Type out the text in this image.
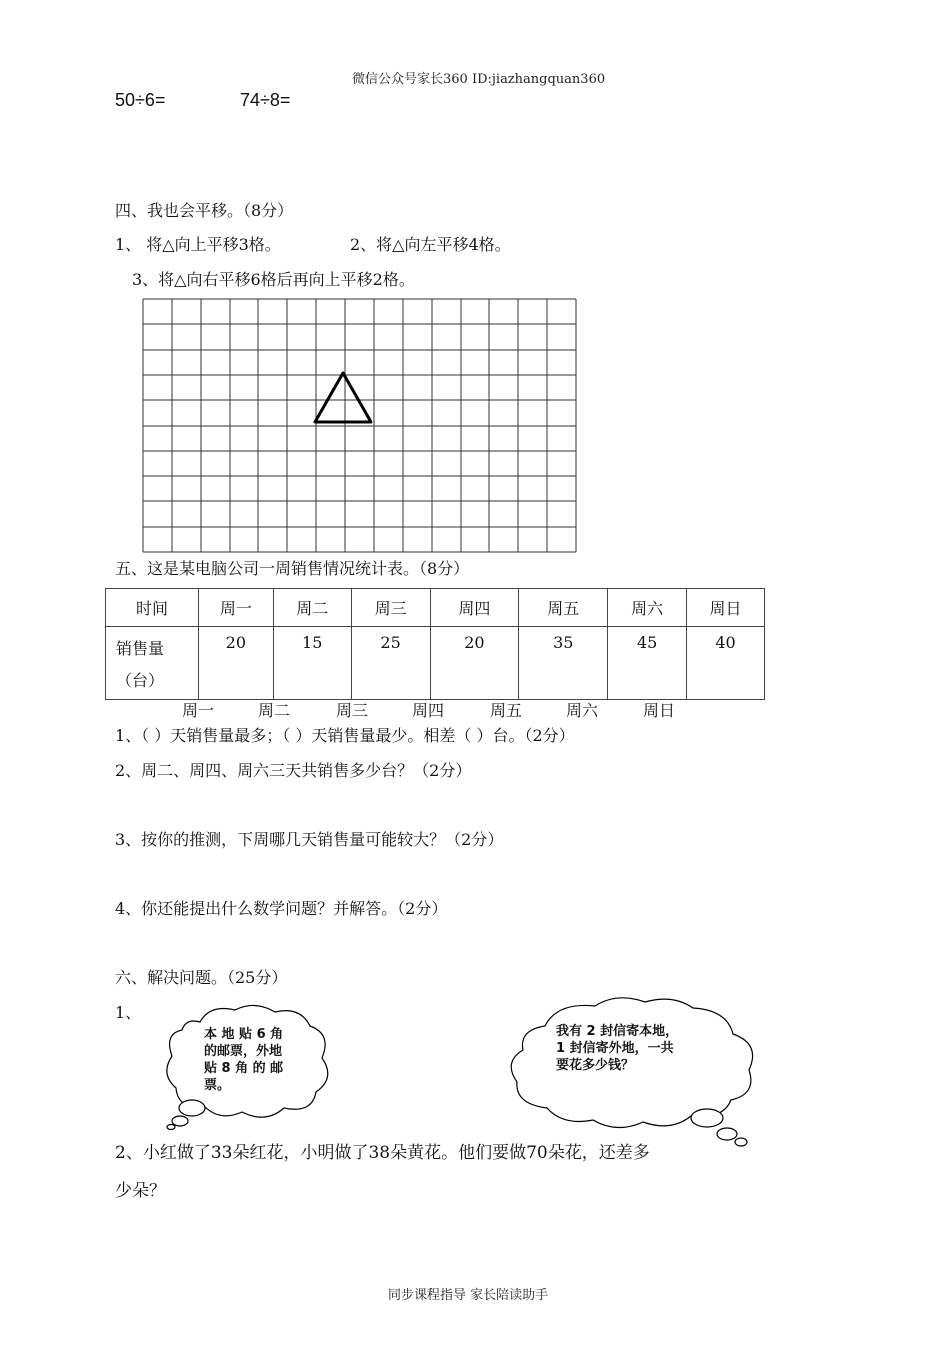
微信公众号家长360 ID:jiazhangquan360
50÷6=	74÷8=
四、我也会平移。（8分）
1、 将△向上平移3格。	2、将△向左平移4格。
3、将△向右平移6格后再向上平移2格。
五、这是某电脑公司一周销售情况统计表。（8分）
时间	周一	周二	周三	周四	周五	周六	周日

销售量
（台）	20	15	25	20	35	45	40
周一	周二	周三	周四	周五	周六	周日
1、（ ）天销售量最多；（ ）天销售量最少。相差（ ）台。（2分）
2、周二、周四、周六三天共销售多少台？（2分）
3、按你的推测，下周哪几天销售量可能较大？（2分）
4、你还能提出什么数学问题？并解答。（2分）
六、解决问题。（25分）
1、
本 地 贴 6 角
的邮票，外地
贴 8 角 的 邮
票。
我有 2 封信寄本地，
1 封信寄外地，一共
要花多少钱？
2、小红做了33朵红花，小明做了38朵黄花。他们要做70朵花，还差多
少朵？
同步课程指导 家长陪读助手
